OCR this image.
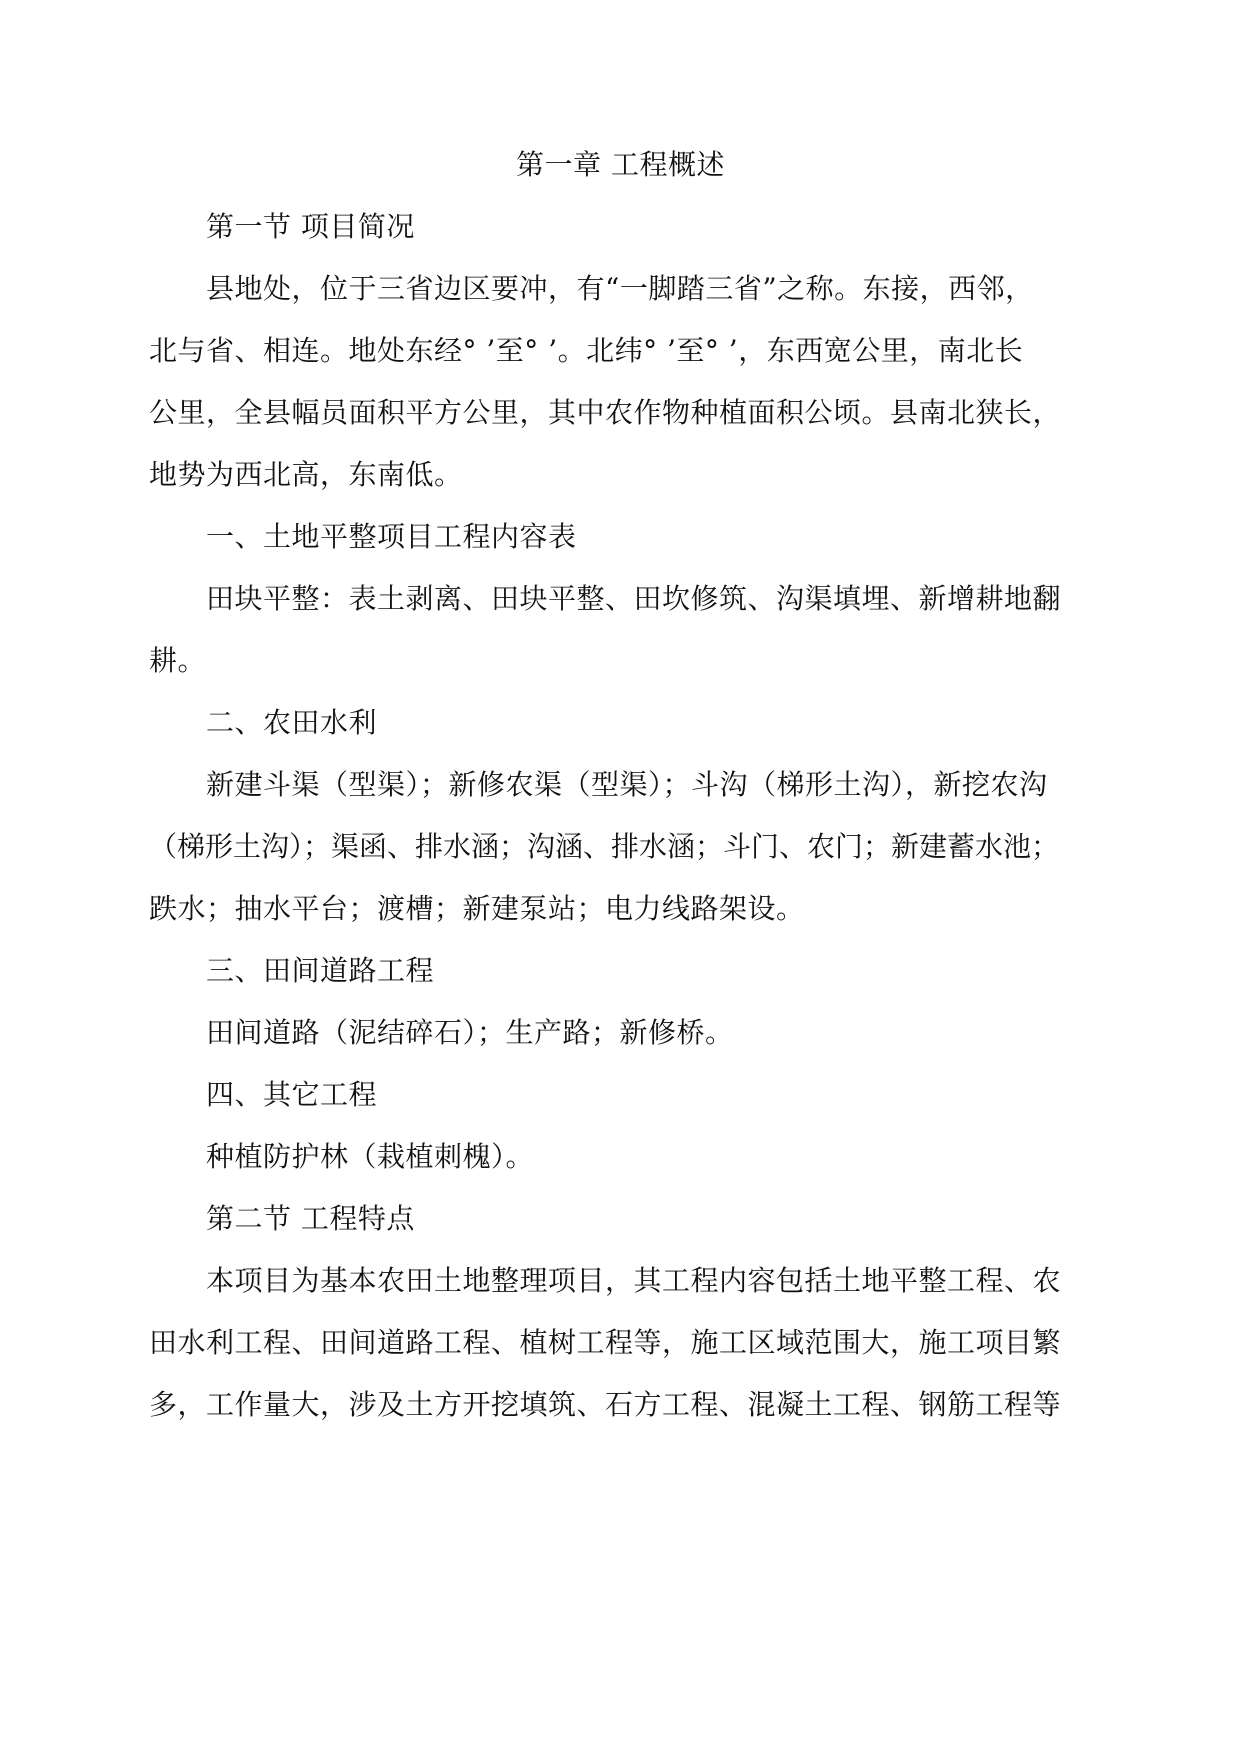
第一章 工程概述
第一节 项目简况
县地处，位于三省边区要冲，有“一脚踏三省”之称。东接，西邻，
北与省、相连。地处东经° ’至° ’。北纬° ’至° ’，东西宽公里，南北长
公里，全县幅员面积平方公里，其中农作物种植面积公顷。县南北狭长，
地势为西北高，东南低。
一、土地平整项目工程内容表
田块平整：表土剥离、田块平整、田坎修筑、沟渠填埋、新增耕地翻
耕。
二、农田水利
新建斗渠（型渠）；新修农渠（型渠）；斗沟（梯形土沟），新挖农沟
（梯形土沟）；渠函、排水涵；沟涵、排水涵；斗门、农门；新建蓄水池；
跌水；抽水平台；渡槽；新建泵站；电力线路架设。
三、田间道路工程
田间道路（泥结碎石）；生产路；新修桥。
四、其它工程
种植防护林（栽植刺槐）。
第二节 工程特点
本项目为基本农田土地整理项目，其工程内容包括土地平整工程、农
田水利工程、田间道路工程、植树工程等，施工区域范围大，施工项目繁
多，工作量大，涉及土方开挖填筑、石方工程、混凝土工程、钢筋工程等
